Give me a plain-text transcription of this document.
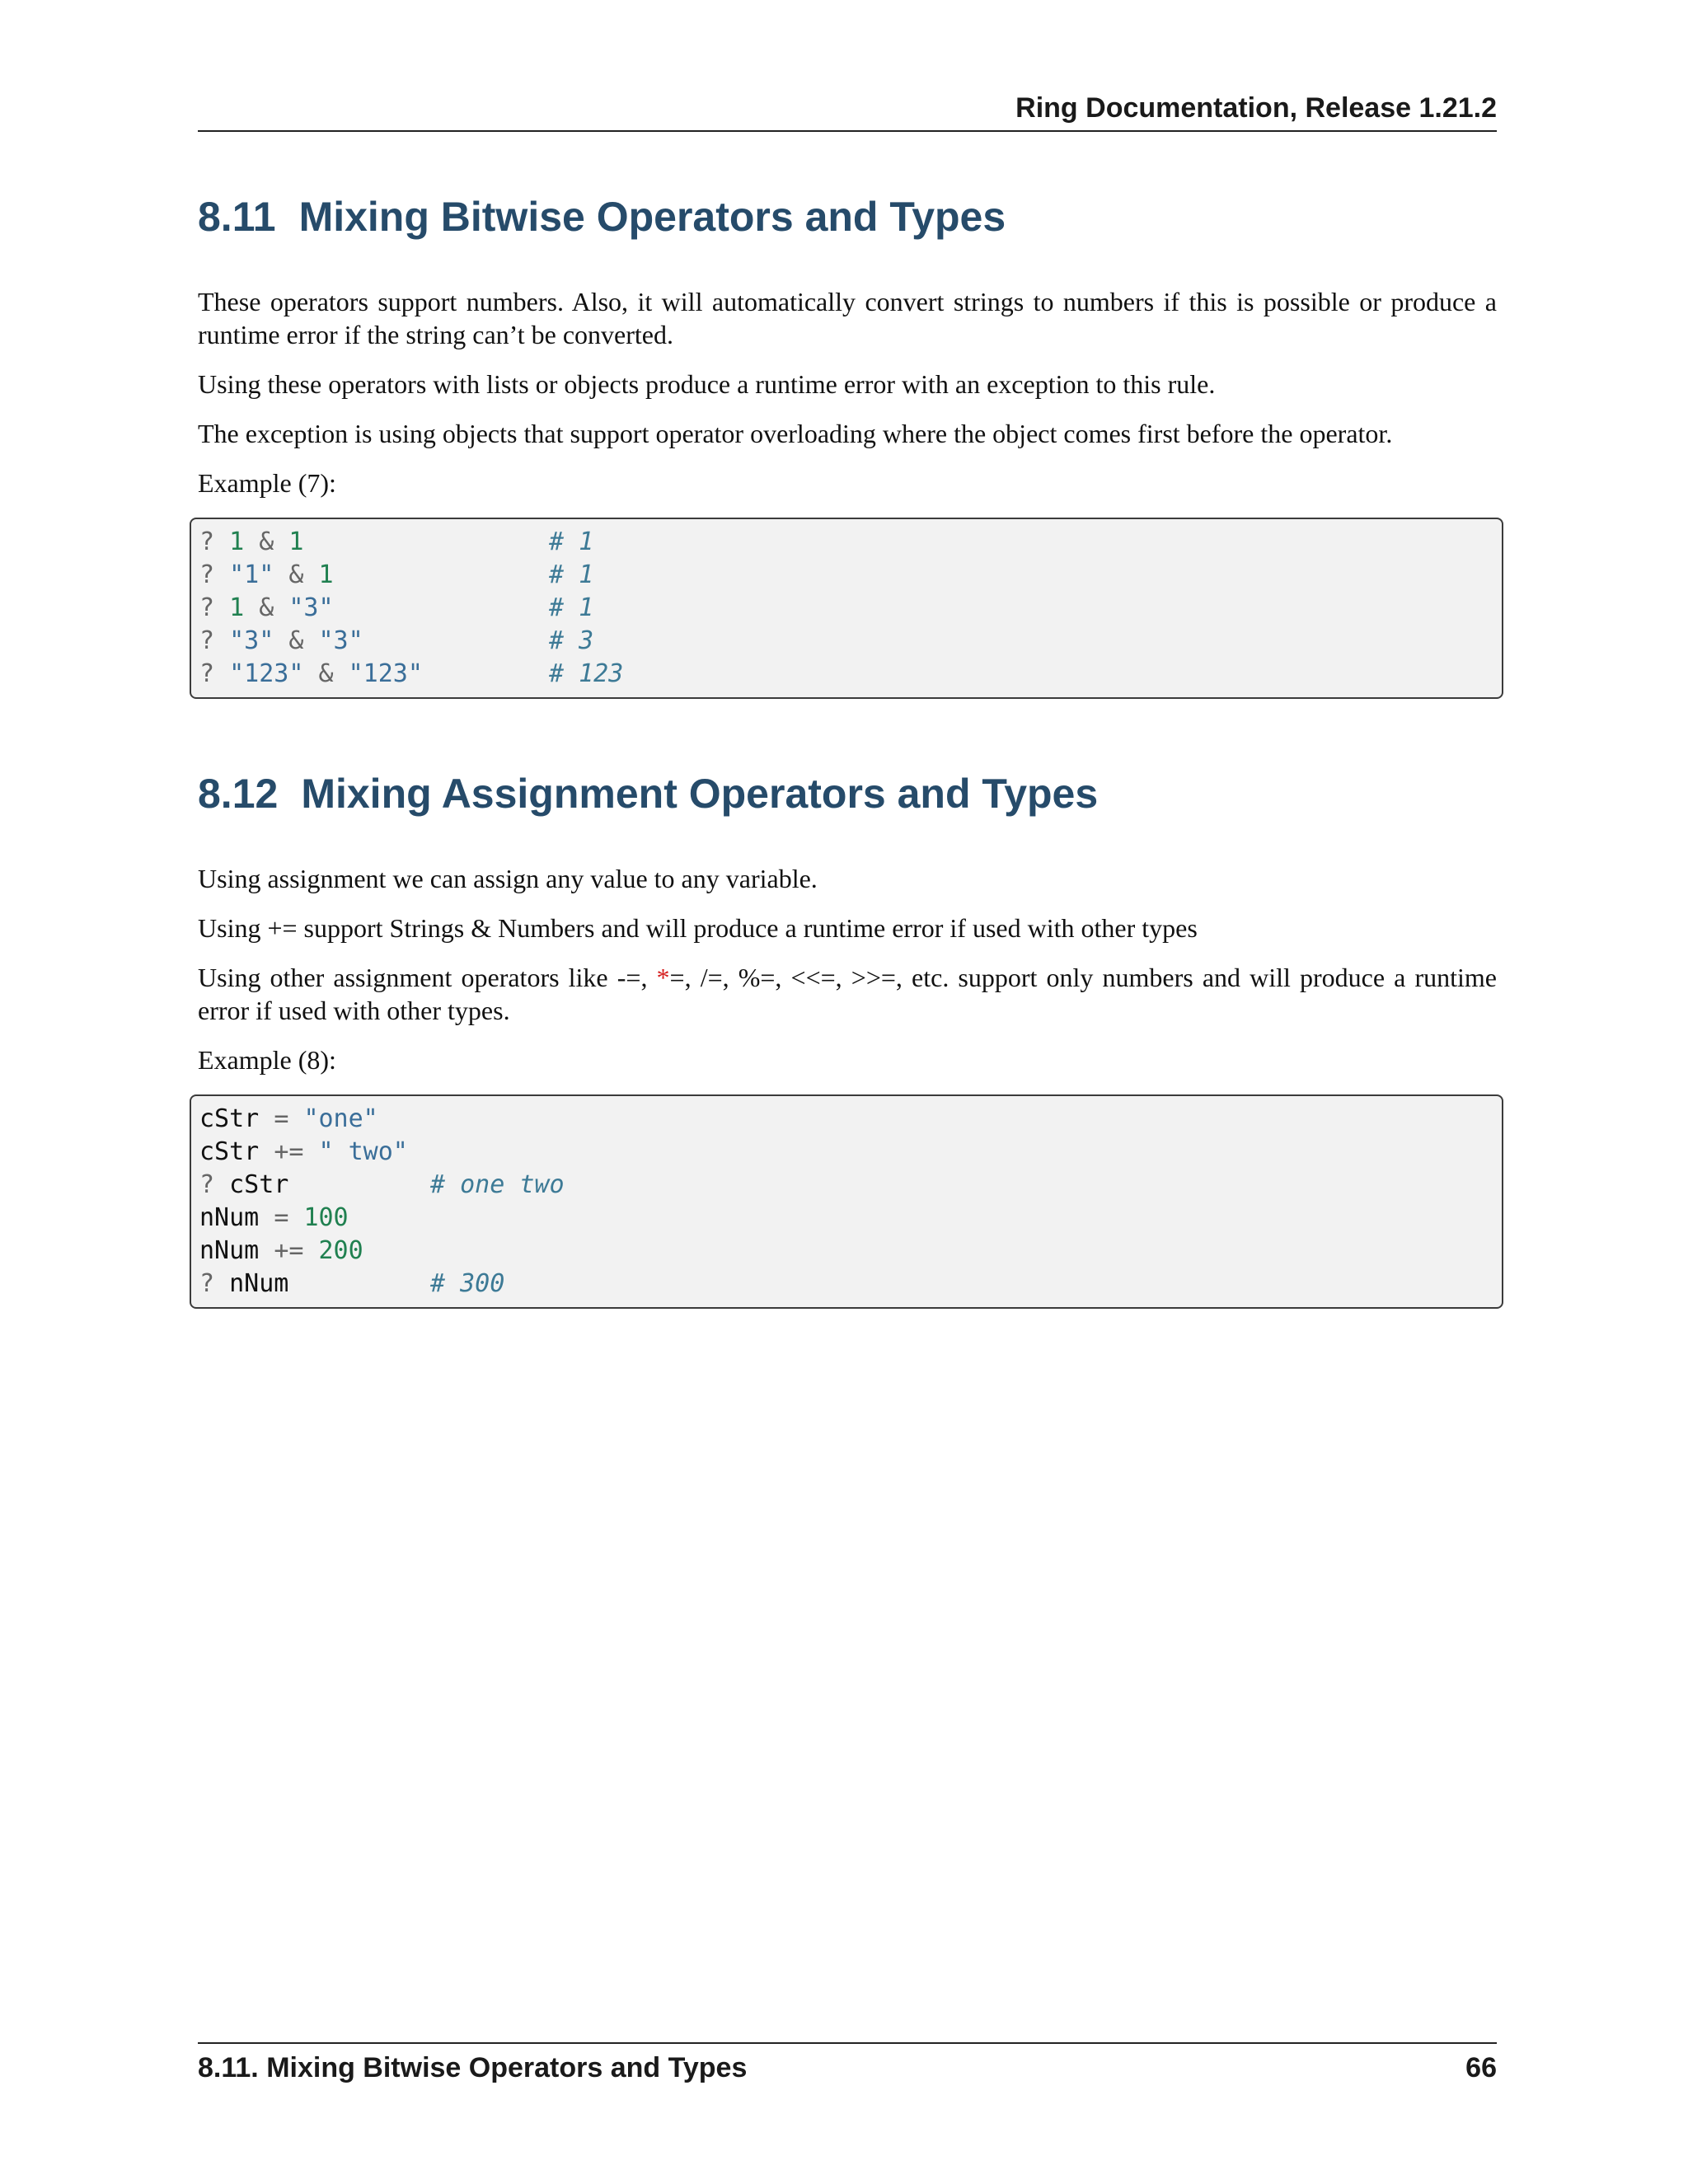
Ring Documentation, Release 1.21.2
8.11 Mixing Bitwise Operators and Types

These operators support numbers. Also, it will automatically convert strings to numbers if this is possible or produce a runtime error if the string can’t be converted.

Using these operators with lists or objects produce a runtime error with an exception to this rule.

The exception is using objects that support operator overloading where the object comes first before the operator.

Example (7):

? 1 & 1	# 1
? "1" & 1	# 1
? 1 & "3"	# 1
? "3" & "3"	# 3
? "123" & "123"	# 123
8.12 Mixing Assignment Operators and Types

Using assignment we can assign any value to any variable.

Using += support Strings & Numbers and will produce a runtime error if used with other types

Using other assignment operators like -=, *=, /=, %=, <<=, >>=, etc. support only numbers and will produce a runtime error if used with other types.

Example (8):

cStr = "one"
cStr += " two"
? cStr	# one two
nNum = 100
nNum += 200
? nNum	# 300
8.11. Mixing Bitwise Operators and Types	66
